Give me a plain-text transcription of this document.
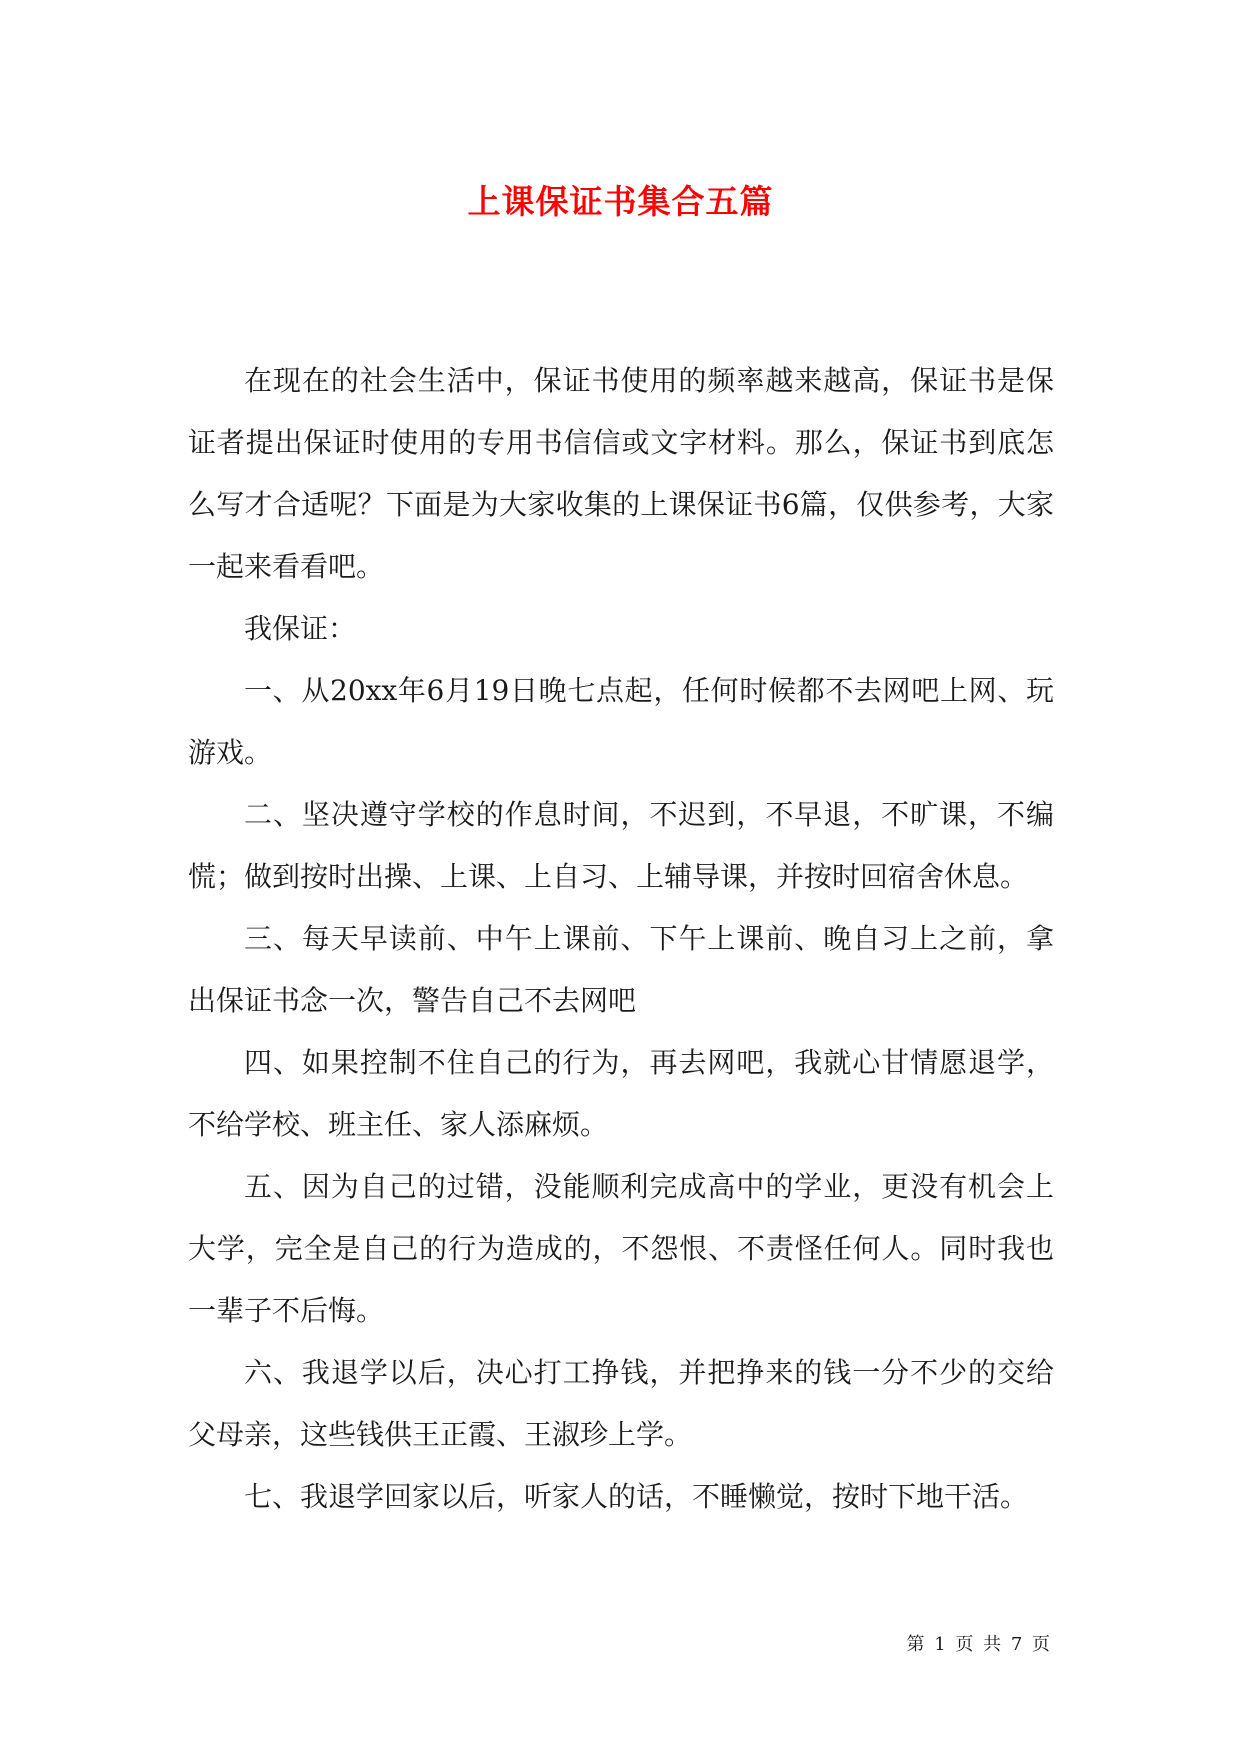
上课保证书集合五篇

在现在的社会生活中，保证书使用的频率越来越高，保证书是保证者提出保证时使用的专用书信信或文字材料。那么，保证书到底怎么写才合适呢？下面是为大家收集的上课保证书6篇，仅供参考，大家一起来看看吧。

我保证：

一、从20xx年6月19日晚七点起，任何时候都不去网吧上网、玩游戏。

二、坚决遵守学校的作息时间，不迟到，不早退，不旷课，不编慌；做到按时出操、上课、上自习、上辅导课，并按时回宿舍休息。

三、每天早读前、中午上课前、下午上课前、晚自习上之前，拿出保证书念一次，警告自己不去网吧

四、如果控制不住自己的行为，再去网吧，我就心甘情愿退学，不给学校、班主任、家人添麻烦。

五、因为自己的过错，没能顺利完成高中的学业，更没有机会上大学，完全是自己的行为造成的，不怨恨、不责怪任何人。同时我也一辈子不后悔。

六、我退学以后，决心打工挣钱，并把挣来的钱一分不少的交给父母亲，这些钱供王正霞、王淑珍上学。

七、我退学回家以后，听家人的话，不睡懒觉，按时下地干活。

第 1 页 共 7 页
